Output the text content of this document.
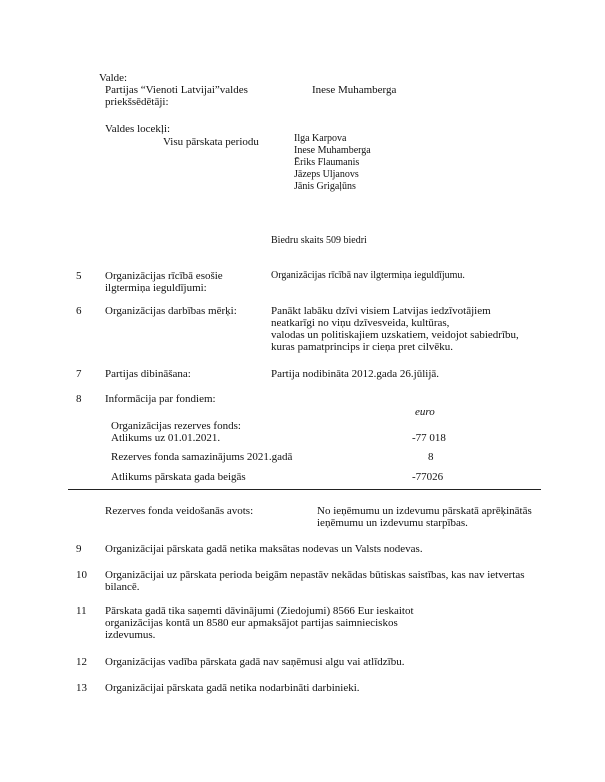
Valde:
Partijas “Vienoti Latvijai”valdes
priekšsēdētāji:
Inese Muhamberga
Valdes locekļi:
Visu pārskata periodu	Ilga Karpova
Inese Muhamberga
Ēriks Flaumanis
Jāzeps Uljanovs
Jānis Grigaļūns
Biedru skaits 509 biedri
5 Organizācijas rīcībā esošie
ilgtermiņa ieguldījumi:
Organizācijas rīcībā nav ilgtermiņa ieguldījumu.
6 Organizācijas darbības mērķi:	Panākt labāku dzīvi visiem Latvijas iedzīvotājiem
neatkarīgi no viņu dzīvesveida, kultūras,
valodas un politiskajiem uzskatiem, veidojot sabiedrību,
kuras pamatprincips ir cieņa pret cilvēku.
7 Partijas dibināšana:	Partija nodibināta 2012.gada 26.jūlijā.
8 Informācija par fondiem:
euro
Organizācijas rezerves fonds:
Atlikums uz 01.01.2021.	-77 018
Rezerves fonda samazinājums 2021.gadā	8
Atlikums pārskata gada beigās	-77026
Rezerves fonda veidošanās avots:	No ieņēmumu un izdevumu pārskatā aprēķinātās
ieņēmumu un izdevumu starpības.
9 Organizācijai pārskata gadā netika maksātas nodevas un Valsts nodevas.
10 Organizācijai uz pārskata perioda beigām nepastāv nekādas būtiskas saistības, kas nav ietvertas
bilancē.
11 Pārskata gadā tika saņemti dāvinājumi (Ziedojumi) 8566 Eur ieskaitot
organizācijas kontā un 8580 eur apmaksājot partijas saimnieciskos
izdevumus.
12 Organizācijas vadība pārskata gadā nav saņēmusi algu vai atlīdzību.
13 Organizācijai pārskata gadā netika nodarbināti darbinieki.
